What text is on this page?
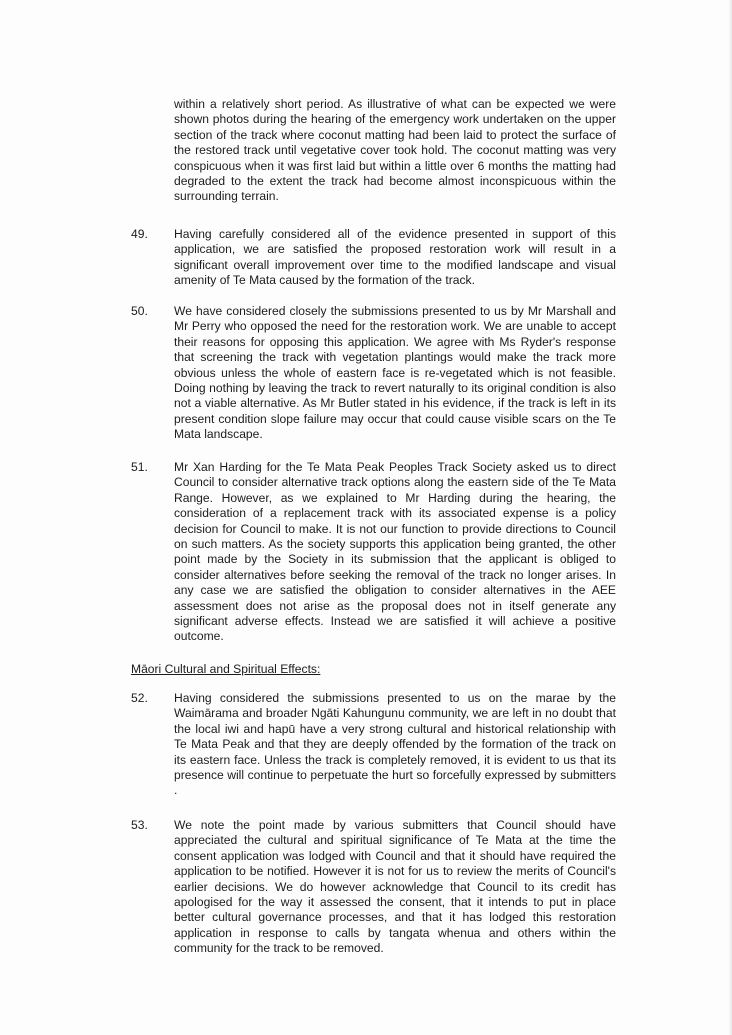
within a relatively short period. As illustrative of what can be expected we were shown photos during the hearing of the emergency work undertaken on the upper section of the track where coconut matting had been laid to protect the surface of the restored track until vegetative cover took hold. The coconut matting was very conspicuous when it was first laid but within a little over 6 months the matting had degraded to the extent the track had become almost inconspicuous within the surrounding terrain.

49. Having carefully considered all of the evidence presented in support of this application, we are satisfied the proposed restoration work will result in a significant overall improvement over time to the modified landscape and visual amenity of Te Mata caused by the formation of the track.

50. We have considered closely the submissions presented to us by Mr Marshall and Mr Perry who opposed the need for the restoration work. We are unable to accept their reasons for opposing this application. We agree with Ms Ryder's response that screening the track with vegetation plantings would make the track more obvious unless the whole of eastern face is re-vegetated which is not feasible. Doing nothing by leaving the track to revert naturally to its original condition is also not a viable alternative. As Mr Butler stated in his evidence, if the track is left in its present condition slope failure may occur that could cause visible scars on the Te Mata landscape.

51. Mr Xan Harding for the Te Mata Peak Peoples Track Society asked us to direct Council to consider alternative track options along the eastern side of the Te Mata Range. However, as we explained to Mr Harding during the hearing, the consideration of a replacement track with its associated expense is a policy decision for Council to make. It is not our function to provide directions to Council on such matters. As the society supports this application being granted, the other point made by the Society in its submission that the applicant is obliged to consider alternatives before seeking the removal of the track no longer arises. In any case we are satisfied the obligation to consider alternatives in the AEE assessment does not arise as the proposal does not in itself generate any significant adverse effects. Instead we are satisfied it will achieve a positive outcome.

Māori Cultural and Spiritual Effects:

52. Having considered the submissions presented to us on the marae by the Waimārama and broader Ngāti Kahungunu community, we are left in no doubt that the local iwi and hapū have a very strong cultural and historical relationship with Te Mata Peak and that they are deeply offended by the formation of the track on its eastern face. Unless the track is completely removed, it is evident to us that its presence will continue to perpetuate the hurt so forcefully expressed by submitters .

53. We note the point made by various submitters that Council should have appreciated the cultural and spiritual significance of Te Mata at the time the consent application was lodged with Council and that it should have required the application to be notified. However it is not for us to review the merits of Council's earlier decisions. We do however acknowledge that Council to its credit has apologised for the way it assessed the consent, that it intends to put in place better cultural governance processes, and that it has lodged this restoration application in response to calls by tangata whenua and others within the community for the track to be removed.
